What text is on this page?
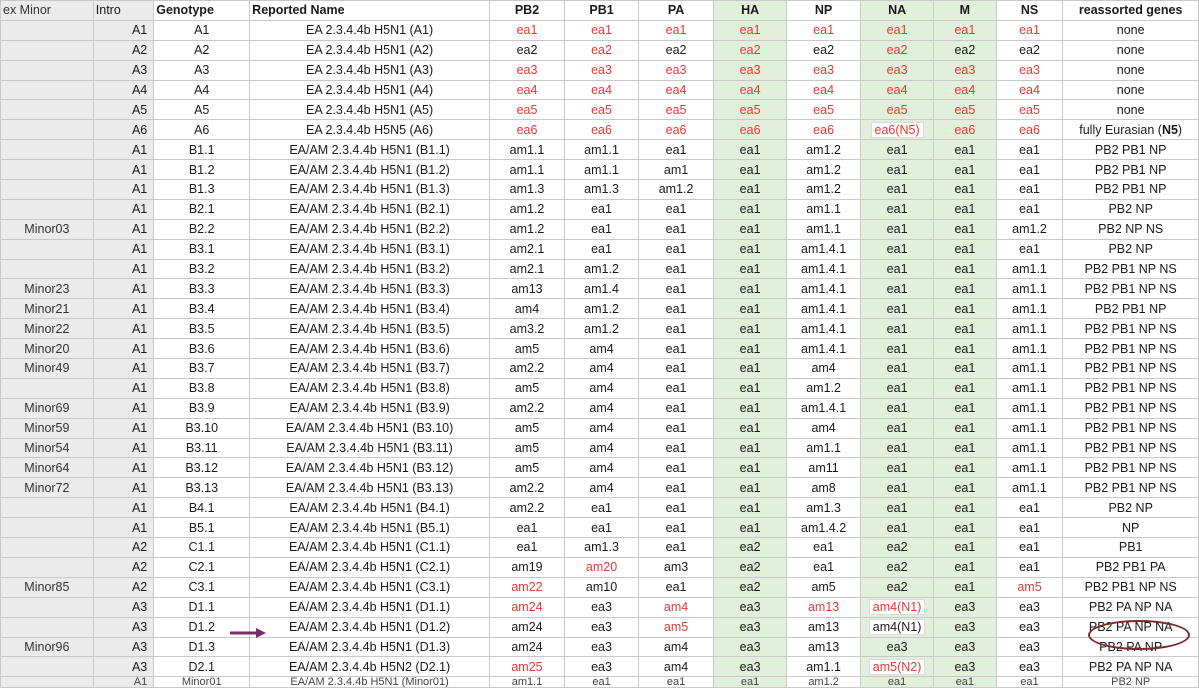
ex Minor	Intro	Genotype	Reported Name	PB2	PB1	PA	HA	NP	NA	M	NS	reassorted genes
	A1	A1	EA 2.3.4.4b H5N1 (A1)	ea1	ea1	ea1	ea1	ea1	ea1	ea1	ea1	none
	A2	A2	EA 2.3.4.4b H5N1 (A2)	ea2	ea2	ea2	ea2	ea2	ea2	ea2	ea2	none
	A3	A3	EA 2.3.4.4b H5N1 (A3)	ea3	ea3	ea3	ea3	ea3	ea3	ea3	ea3	none
	A4	A4	EA 2.3.4.4b H5N1 (A4)	ea4	ea4	ea4	ea4	ea4	ea4	ea4	ea4	none
	A5	A5	EA 2.3.4.4b H5N1 (A5)	ea5	ea5	ea5	ea5	ea5	ea5	ea5	ea5	none
	A6	A6	EA 2.3.4.4b H5N5 (A6)	ea6	ea6	ea6	ea6	ea6	ea6(N5)	ea6	ea6	fully Eurasian (N5)
	A1	B1.1	EA/AM 2.3.4.4b H5N1 (B1.1)	am1.1	am1.1	ea1	ea1	am1.2	ea1	ea1	ea1	PB2 PB1 NP
	A1	B1.2	EA/AM 2.3.4.4b H5N1 (B1.2)	am1.1	am1.1	am1	ea1	am1.2	ea1	ea1	ea1	PB2 PB1 NP
	A1	B1.3	EA/AM 2.3.4.4b H5N1 (B1.3)	am1.3	am1.3	am1.2	ea1	am1.2	ea1	ea1	ea1	PB2 PB1 NP
	A1	B2.1	EA/AM 2.3.4.4b H5N1 (B2.1)	am1.2	ea1	ea1	ea1	am1.1	ea1	ea1	ea1	PB2 NP
Minor03	A1	B2.2	EA/AM 2.3.4.4b H5N1 (B2.2)	am1.2	ea1	ea1	ea1	am1.1	ea1	ea1	am1.2	PB2 NP NS
	A1	B3.1	EA/AM 2.3.4.4b H5N1 (B3.1)	am2.1	ea1	ea1	ea1	am1.4.1	ea1	ea1	ea1	PB2 NP
	A1	B3.2	EA/AM 2.3.4.4b H5N1 (B3.2)	am2.1	am1.2	ea1	ea1	am1.4.1	ea1	ea1	am1.1	PB2 PB1 NP NS
Minor23	A1	B3.3	EA/AM 2.3.4.4b H5N1 (B3.3)	am13	am1.4	ea1	ea1	am1.4.1	ea1	ea1	am1.1	PB2 PB1 NP NS
Minor21	A1	B3.4	EA/AM 2.3.4.4b H5N1 (B3.4)	am4	am1.2	ea1	ea1	am1.4.1	ea1	ea1	am1.1	PB2 PB1 NP
Minor22	A1	B3.5	EA/AM 2.3.4.4b H5N1 (B3.5)	am3.2	am1.2	ea1	ea1	am1.4.1	ea1	ea1	am1.1	PB2 PB1 NP NS
Minor20	A1	B3.6	EA/AM 2.3.4.4b H5N1 (B3.6)	am5	am4	ea1	ea1	am1.4.1	ea1	ea1	am1.1	PB2 PB1 NP NS
Minor49	A1	B3.7	EA/AM 2.3.4.4b H5N1 (B3.7)	am2.2	am4	ea1	ea1	am4	ea1	ea1	am1.1	PB2 PB1 NP NS
	A1	B3.8	EA/AM 2.3.4.4b H5N1 (B3.8)	am5	am4	ea1	ea1	am1.2	ea1	ea1	am1.1	PB2 PB1 NP NS
Minor69	A1	B3.9	EA/AM 2.3.4.4b H5N1 (B3.9)	am2.2	am4	ea1	ea1	am1.4.1	ea1	ea1	am1.1	PB2 PB1 NP NS
Minor59	A1	B3.10	EA/AM 2.3.4.4b H5N1 (B3.10)	am5	am4	ea1	ea1	am4	ea1	ea1	am1.1	PB2 PB1 NP NS
Minor54	A1	B3.11	EA/AM 2.3.4.4b H5N1 (B3.11)	am5	am4	ea1	ea1	am1.1	ea1	ea1	am1.1	PB2 PB1 NP NS
Minor64	A1	B3.12	EA/AM 2.3.4.4b H5N1 (B3.12)	am5	am4	ea1	ea1	am11	ea1	ea1	am1.1	PB2 PB1 NP NS
Minor72	A1	B3.13	EA/AM 2.3.4.4b H5N1 (B3.13)	am2.2	am4	ea1	ea1	am8	ea1	ea1	am1.1	PB2 PB1 NP NS
	A1	B4.1	EA/AM 2.3.4.4b H5N1 (B4.1)	am2.2	ea1	ea1	ea1	am1.3	ea1	ea1	ea1	PB2 NP
	A1	B5.1	EA/AM 2.3.4.4b H5N1 (B5.1)	ea1	ea1	ea1	ea1	am1.4.2	ea1	ea1	ea1	NP
	A2	C1.1	EA/AM 2.3.4.4b H5N1 (C1.1)	ea1	am1.3	ea1	ea2	ea1	ea2	ea1	ea1	PB1
	A2	C2.1	EA/AM 2.3.4.4b H5N1 (C2.1)	am19	am20	am3	ea2	ea1	ea2	ea1	ea1	PB2 PB1 PA
Minor85	A2	C3.1	EA/AM 2.3.4.4b H5N1 (C3.1)	am22	am10	ea1	ea2	am5	ea2	ea1	am5	PB2 PB1 NP NS
	A3	D1.1	EA/AM 2.3.4.4b H5N1 (D1.1)	am24	ea3	am4	ea3	am13	am4(N1)	ea3	ea3	PB2 PA NP NA
	A3	D1.2	EA/AM 2.3.4.4b H5N1 (D1.2)	am24	ea3	am5	ea3	am13	am4(N1)	ea3	ea3	PB2 PA NP NA
Minor96	A3	D1.3	EA/AM 2.3.4.4b H5N1 (D1.3)	am24	ea3	am4	ea3	am13	ea3	ea3	ea3	PB2 PA NP
	A3	D2.1	EA/AM 2.3.4.4b H5N2 (D2.1)	am25	ea3	am4	ea3	am1.1	am5(N2)	ea3	ea3	PB2 PA NP NA
	A1	Minor01	EA/AM 2.3.4.4b H5N1 (Minor01)	am1.1	ea1	ea1	ea1	am1.2	ea1	ea1	ea1	PB2 NP
